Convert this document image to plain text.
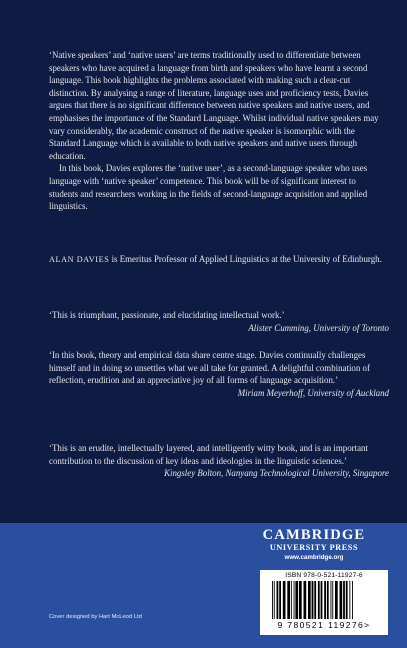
‘Native speakers’ and ‘native users’ are terms traditionally used to differentiate between speakers who have acquired a language from birth and speakers who have learnt a second language. This book highlights the problems associated with making such a clear-cut distinction. By analysing a range of literature, language uses and proficiency tests, Davies argues that there is no significant difference between native speakers and native users, and emphasises the importance of the Standard Language. Whilst individual native speakers may vary considerably, the academic construct of the native speaker is isomorphic with the Standard Language which is available to both native speakers and native users through education.

In this book, Davies explores the ‘native user’, as a second-language speaker who uses language with ‘native speaker’ competence. This book will be of significant interest to students and researchers working in the fields of second-language acquisition and applied linguistics.

ALAN DAVIES is Emeritus Professor of Applied Linguistics at the University of Edinburgh.

‘This is triumphant, passionate, and elucidating intellectual work.’

Alister Cumming, University of Toronto

‘In this book, theory and empirical data share centre stage. Davies continually challenges himself and in doing so unsettles what we all take for granted. A delightful combination of reflection, erudition and an appreciative joy of all forms of language acquisition.’

Miriam Meyerhoff, University of Auckland

‘This is an erudite, intellectually layered, and intelligently witty book, and is an important contribution to the discussion of key ideas and ideologies in the linguistic sciences.’

Kingsley Bolton, Nanyang Technological University, Singapore

CAMBRIDGE
UNIVERSITY PRESS
www.cambridge.org
ISBN 978-0-521-11927-6
9 780521 119276>
Cover designed by Hart McLeod Ltd
